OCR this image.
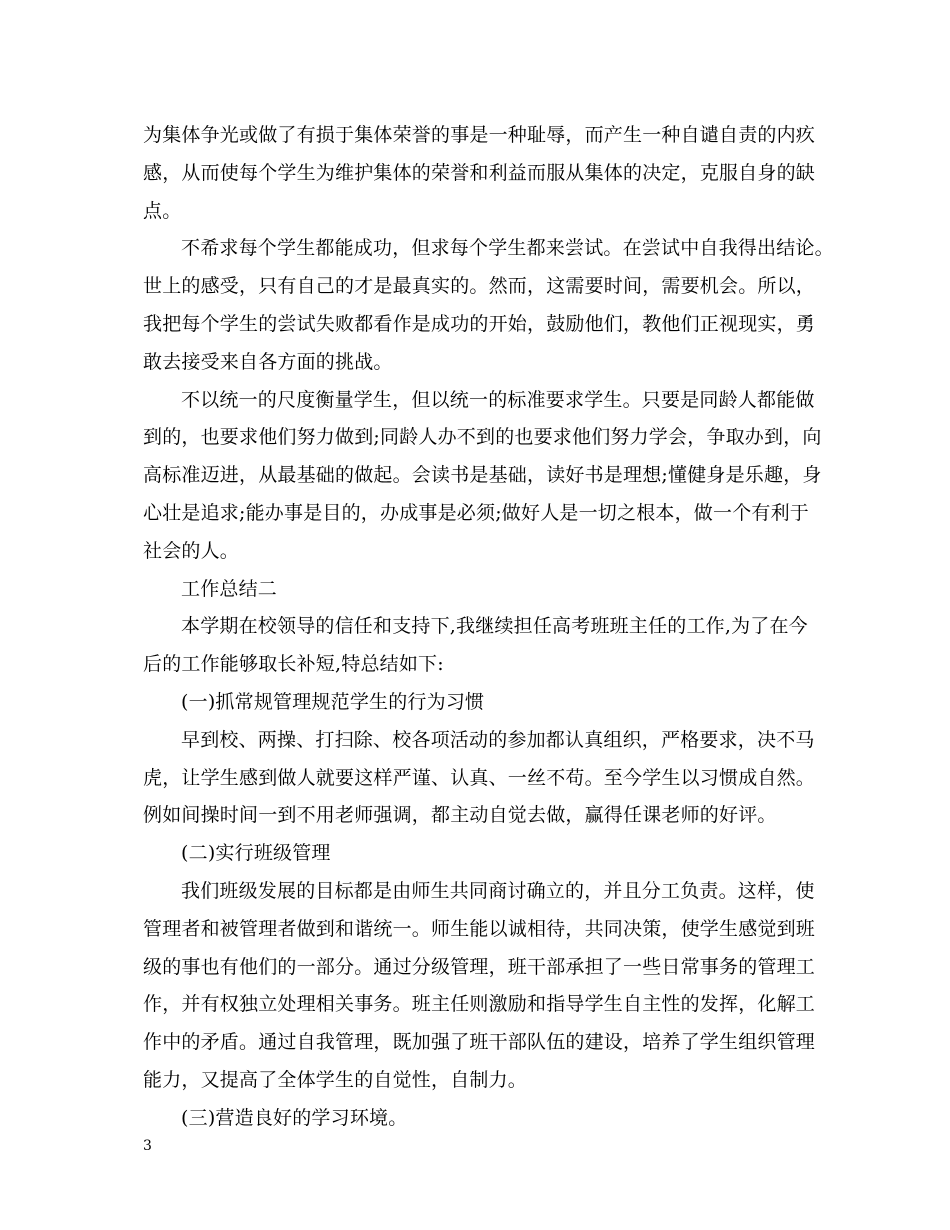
为集体争光或做了有损于集体荣誉的事是一种耻辱，而产生一种自谴自责的内疚
感，从而使每个学生为维护集体的荣誉和利益而服从集体的决定，克服自身的缺
点。
不希求每个学生都能成功，但求每个学生都来尝试。在尝试中自我得出结论。
世上的感受，只有自己的才是最真实的。然而，这需要时间，需要机会。所以，
我把每个学生的尝试失败都看作是成功的开始，鼓励他们，教他们正视现实，勇
敢去接受来自各方面的挑战。
不以统一的尺度衡量学生，但以统一的标准要求学生。只要是同龄人都能做
到的，也要求他们努力做到;同龄人办不到的也要求他们努力学会，争取办到，向
高标准迈进，从最基础的做起。会读书是基础，读好书是理想;懂健身是乐趣，身
心壮是追求;能办事是目的，办成事是必须;做好人是一切之根本，做一个有利于
社会的人。
工作总结二
本学期在校领导的信任和支持下,我继续担任高考班班主任的工作,为了在今
后的工作能够取长补短,特总结如下:
(一)抓常规管理规范学生的行为习惯
早到校、两操、打扫除、校各项活动的参加都认真组织，严格要求，决不马
虎，让学生感到做人就要这样严谨、认真、一丝不苟。至今学生以习惯成自然。
例如间操时间一到不用老师强调，都主动自觉去做，赢得任课老师的好评。
(二)实行班级管理
我们班级发展的目标都是由师生共同商讨确立的，并且分工负责。这样，使
管理者和被管理者做到和谐统一。师生能以诚相待，共同决策，使学生感觉到班
级的事也有他们的一部分。通过分级管理，班干部承担了一些日常事务的管理工
作，并有权独立处理相关事务。班主任则激励和指导学生自主性的发挥，化解工
作中的矛盾。通过自我管理，既加强了班干部队伍的建设，培养了学生组织管理
能力，又提高了全体学生的自觉性，自制力。
(三)营造良好的学习环境。
3
